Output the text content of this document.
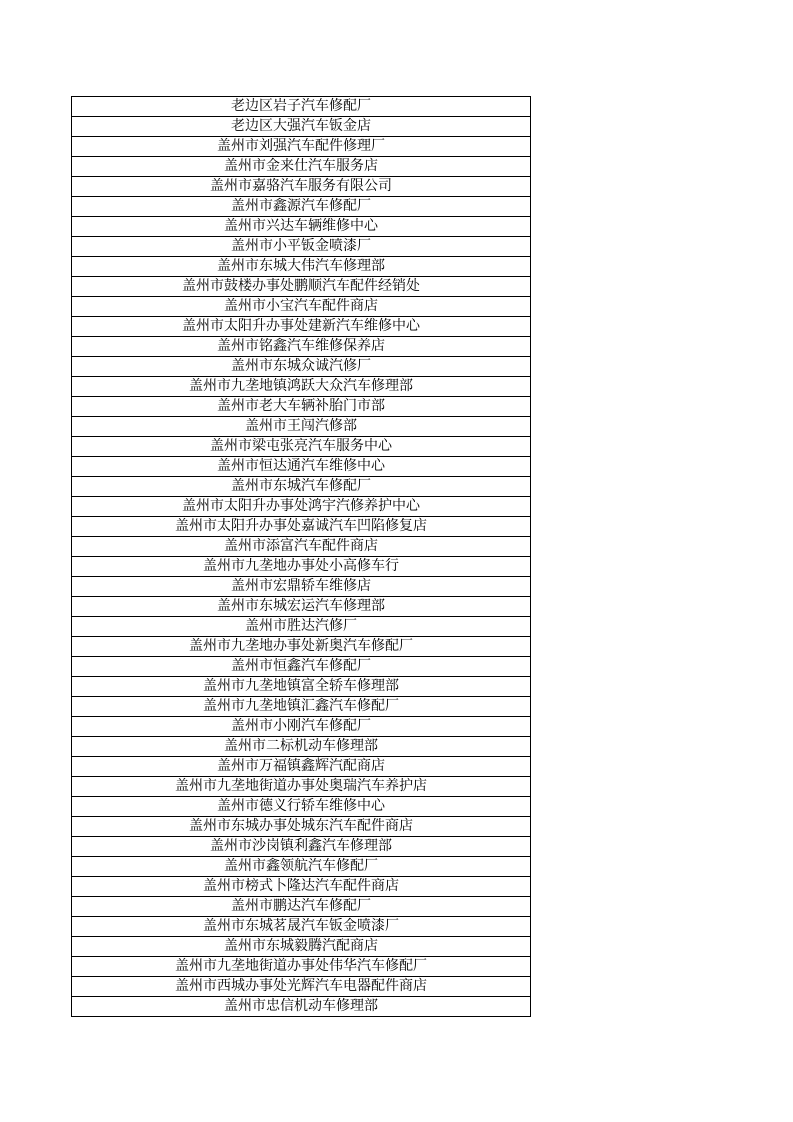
老边区岩子汽车修配厂
老边区大强汽车钣金店
盖州市刘强汽车配件修理厂
盖州市金来仕汽车服务店
盖州市嘉骆汽车服务有限公司
盖州市鑫源汽车修配厂
盖州市兴达车辆维修中心
盖州市小平钣金喷漆厂
盖州市东城大伟汽车修理部
盖州市鼓楼办事处鹏顺汽车配件经销处
盖州市小宝汽车配件商店
盖州市太阳升办事处建新汽车维修中心
盖州市铭鑫汽车维修保养店
盖州市东城众诚汽修厂
盖州市九垄地镇鸿跃大众汽车修理部
盖州市老大车辆补胎门市部
盖州市王闯汽修部
盖州市梁屯张亮汽车服务中心
盖州市恒达通汽车维修中心
盖州市东城汽车修配厂
盖州市太阳升办事处鸿宇汽修养护中心
盖州市太阳升办事处嘉诚汽车凹陷修复店
盖州市添富汽车配件商店
盖州市九垄地办事处小高修车行
盖州市宏鼎轿车维修店
盖州市东城宏运汽车修理部
盖州市胜达汽修厂
盖州市九垄地办事处新奥汽车修配厂
盖州市恒鑫汽车修配厂
盖州市九垄地镇富全轿车修理部
盖州市九垄地镇汇鑫汽车修配厂
盖州市小刚汽车修配厂
盖州市二标机动车修理部
盖州市万福镇鑫辉汽配商店
盖州市九垄地街道办事处奥瑞汽车养护店
盖州市德义行轿车维修中心
盖州市东城办事处城东汽车配件商店
盖州市沙岗镇利鑫汽车修理部
盖州市鑫领航汽车修配厂
盖州市榜式卜隆达汽车配件商店
盖州市鹏达汽车修配厂
盖州市东城茗晟汽车钣金喷漆厂
盖州市东城毅腾汽配商店
盖州市九垄地街道办事处伟华汽车修配厂
盖州市西城办事处光辉汽车电器配件商店
盖州市忠信机动车修理部
